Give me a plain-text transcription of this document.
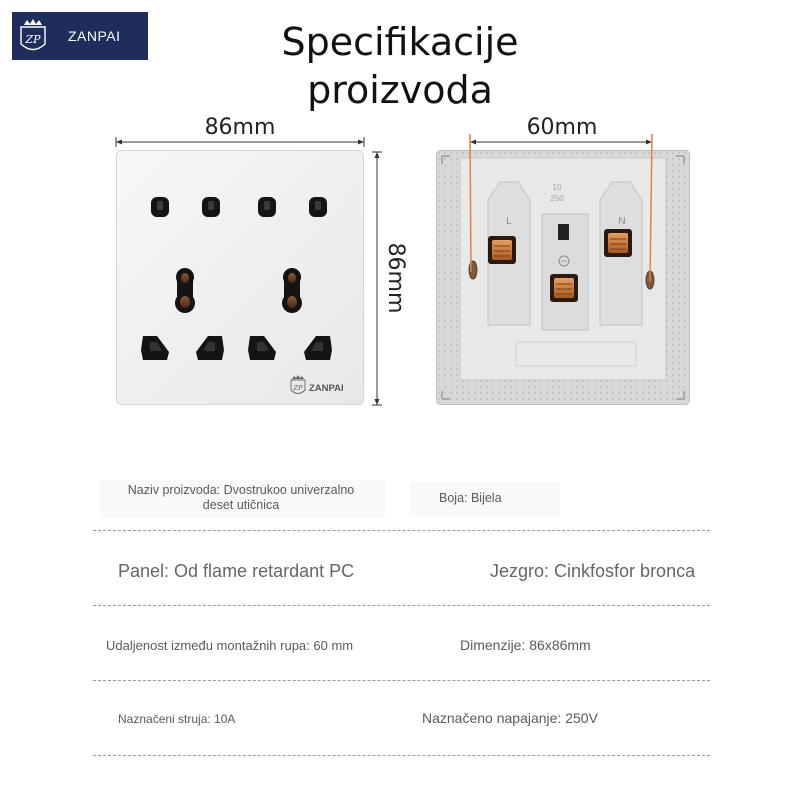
ZP ZANPAI	Specifikacije
proizvoda
ZP ZANPAI
10
250
L	N
86mm
86mm
60mm
Naziv proizvoda: Dvostrukoo univerzalno
deset utičnica	Boja: Bijela
Panel: Od flame retardant PC	Jezgro: Cinkfosfor bronca
Udaljenost između montažnih rupa: 60 mm	Dimenzije: 86x86mm
Naznačeni struja: 10A	Naznačeno napajanje: 250V
